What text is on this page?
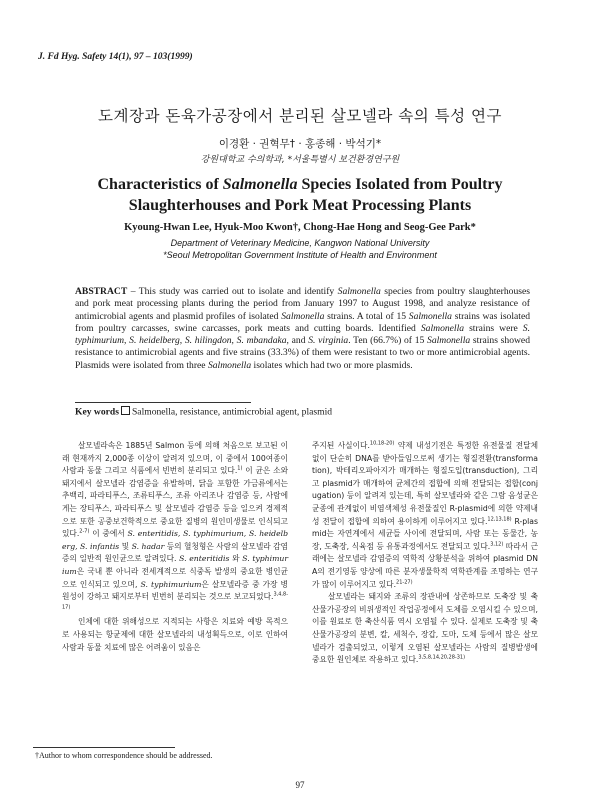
J. Fd Hyg. Safety 14(1), 97 – 103(1999)
도계장과 돈육가공장에서 분리된 살모넬라 속의 특성 연구
이경환 · 권혁무† · 홍종해 · 박석기*
강원대학교 수의학과, *서울특별시 보건환경연구원
Characteristics of Salmonella Species Isolated from Poultry
Slaughterhouses and Pork Meat Processing Plants
Kyoung-Hwan Lee, Hyuk-Moo Kwon†, Chong-Hae Hong and Seog-Gee Park*
Department of Veterinary Medicine, Kangwon National University
*Seoul Metropolitan Government Institute of Health and Environment
ABSTRACT – This study was carried out to isolate and identify Salmonella species from poultry slaughterhouses and pork meat processing plants during the period from January 1997 to August 1998, and analyze resistance of antimicrobial agents and plasmid profiles of isolated Salmonella strains. A total of 15 Salmonella strains was isolated from poultry carcasses, swine carcasses, pork meats and cutting boards. Identified Salmonella strains were S. typhimurium, S. heidelberg, S. hilingdon, S. mbandaka, and S. virginia. Ten (66.7%) of 15 Salmonella strains showed resistance to antimicrobial agents and five strains (33.3%) of them were resistant to two or more antimicrobial agents. Plasmids were isolated from three Salmonella isolates which had two or more plasmids.
Key words Salmonella, resistance, antimicrobial agent, plasmid

살모넬라속은 1885년 Salmon 등에 의해 처음으로 보고된 이래 현재까지 2,000종 이상이 알려져 있으며, 이 중에서 100여종이 사람과 동물 그리고 식품에서 빈번히 분리되고 있다.$^{1)}$ 이 균은 소와 돼지에서 살모넬라 감염증을 유발하며, 닭을 포함한 가금류에서는 추백리, 파라티푸스, 조류티푸스, 조류 아리조나 감염증 등, 사람에게는 장티푸스, 파라티푸스 및 살모넬라 감염증 등을 일으켜 경제적으로 또한 공중보건학적으로 중요한 질병의 원인미생물로 인식되고 있다.$^{2-7)}$ 이 중에서 S. enteritidis, S. typhimurium, S. heidelberg, S. infantis 및 S. hadar 등의 혈청형은 사람의 살모넬라 감염증의 일반적 원인균으로 알려있다. S. enteritidis 와 S. typhimurium은 국내 뿐 아니라 전세계적으로 식중독 발생의 중요한 병인균으로 인식되고 있으며, S. typhimurium은 살모넬라증 중 가장 병원성이 강하고 돼지로부터 빈번히 분리되는 것으로 보고되었다.$^{3,4,8-17)}$

인체에 대한 위해성으로 지적되는 사항은 치료와 예방 목적으로 사용되는 항균제에 대한 살모넬라의 내성획득으로, 이로 인하여 사람과 동물 치료에 많은 어려움이 있음은

주지된 사실이다.$^{10,18-20)}$ 약제 내성기전은 특정한 유전물질 전달체 없이 단순히 DNA를 받아들임으로써 생기는 형질전환(transformation), 박테리오파아지가 매개하는 형질도입(transduction), 그리고 plasmid가 매개하여 균체간의 접합에 의해 전달되는 접합(conjugation) 등이 알려져 있는데, 특히 살모넬라와 같은 그람 음성균은 균종에 관계없이 비염색체성 유전물질인 R-plasmid에 의한 약제내성 전달이 접합에 의하여 용이하게 이루어지고 있다.$^{12,13,18)}$ R-plasmid는 자연계에서 세균들 사이에 전달되며, 사람 또는 동물간, 농장, 도축장, 식육점 등 유통과정에서도 전달되고 있다.$^{3,12)}$ 따라서 근래에는 살모넬라 감염증의 역학적 상황분석을 위하여 plasmid DNA의 전기영동 양상에 따른 분자생물학적 역학관계를 조명하는 연구가 많이 이루어지고 있다.$^{21-27)}$

살모넬라는 돼지와 조류의 장관내에 상존하므로 도축장 및 축산물가공장의 비위생적인 작업공정에서 도체를 오염시킬 수 있으며, 이를 원료로 한 축산식품 역시 오염될 수 있다. 실제로 도축장 및 축산물가공장의 분변, 칼, 세척수, 장갑, 도마, 도체 등에서 많은 살모넬라가 검출되었고, 이렇게 오염된 살모넬라는 사람의 질병발생에 중요한 원인체로 작용하고 있다.$^{3,5,8,14,20,28-31)}$

†Author to whom correspondence should be addressed.
97
